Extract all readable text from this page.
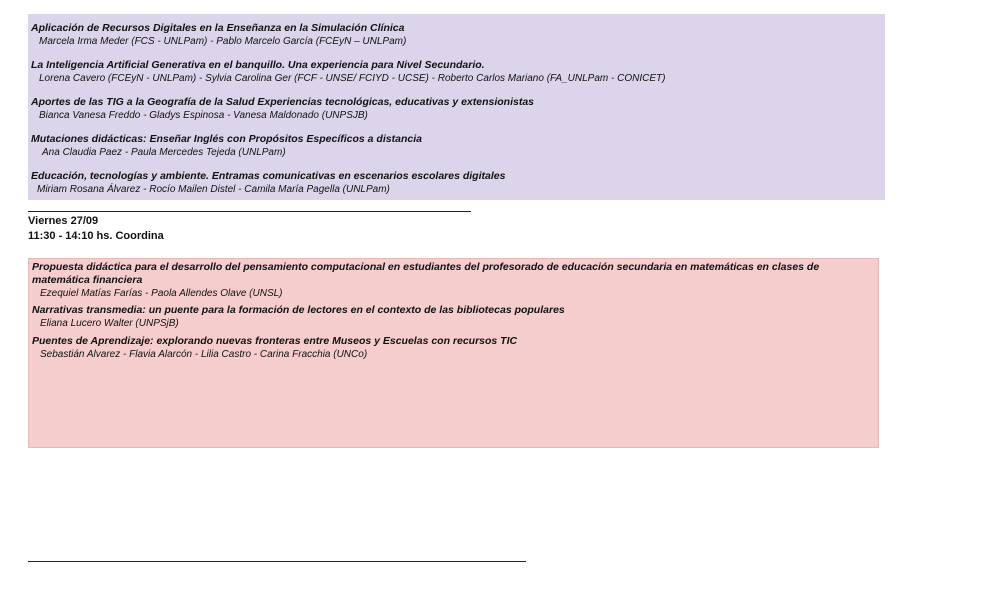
Aplicación de Recursos Digitales en la Enseñanza en la Simulación Clínica
Marcela Irma Meder (FCS - UNLPam) - Pablo Marcelo García (FCEyN – UNLPam)
La Inteligencia Artificial Generativa en el banquillo. Una experiencia para Nivel Secundario.
Lorena Cavero (FCEyN - UNLPam) - Sylvia Carolina Ger (FCF - UNSE/ FCIYD - UCSE) - Roberto Carlos Mariano (FA_UNLPam - CONICET)
Aportes de las TIG a la Geografía de la Salud Experiencias tecnológicas, educativas y extensionistas
Bianca Vanesa Freddo - Gladys Espinosa - Vanesa Maldonado (UNPSJB)
Mutaciones didácticas: Enseñar Inglés con Propósitos Específicos a distancia
Ana Claudia Paez - Paula Mercedes Tejeda (UNLPam)
Educación, tecnologías y ambiente. Entramas comunicativas en escenarios escolares digitales
Miriam Rosana Álvarez - Rocío Mailen Distel - Camila María Pagella (UNLPam)
Viernes 27/09
11:30 - 14:10 hs. Coordina
Propuesta didáctica para el desarrollo del pensamiento computacional en estudiantes del profesorado de educación secundaria en matemáticas en clases de matemática financiera
Ezequiel Matías Farías - Paola Allendes Olave (UNSL)
Narrativas transmedia: un puente para la formación de lectores en el contexto de las bibliotecas populares
Eliana Lucero Walter (UNPSjB)
Puentes de Aprendizaje: explorando nuevas fronteras entre Museos y Escuelas con recursos TIC
Sebastián Alvarez - Flavia Alarcón - Lilia Castro - Carina Fracchia (UNCo)
